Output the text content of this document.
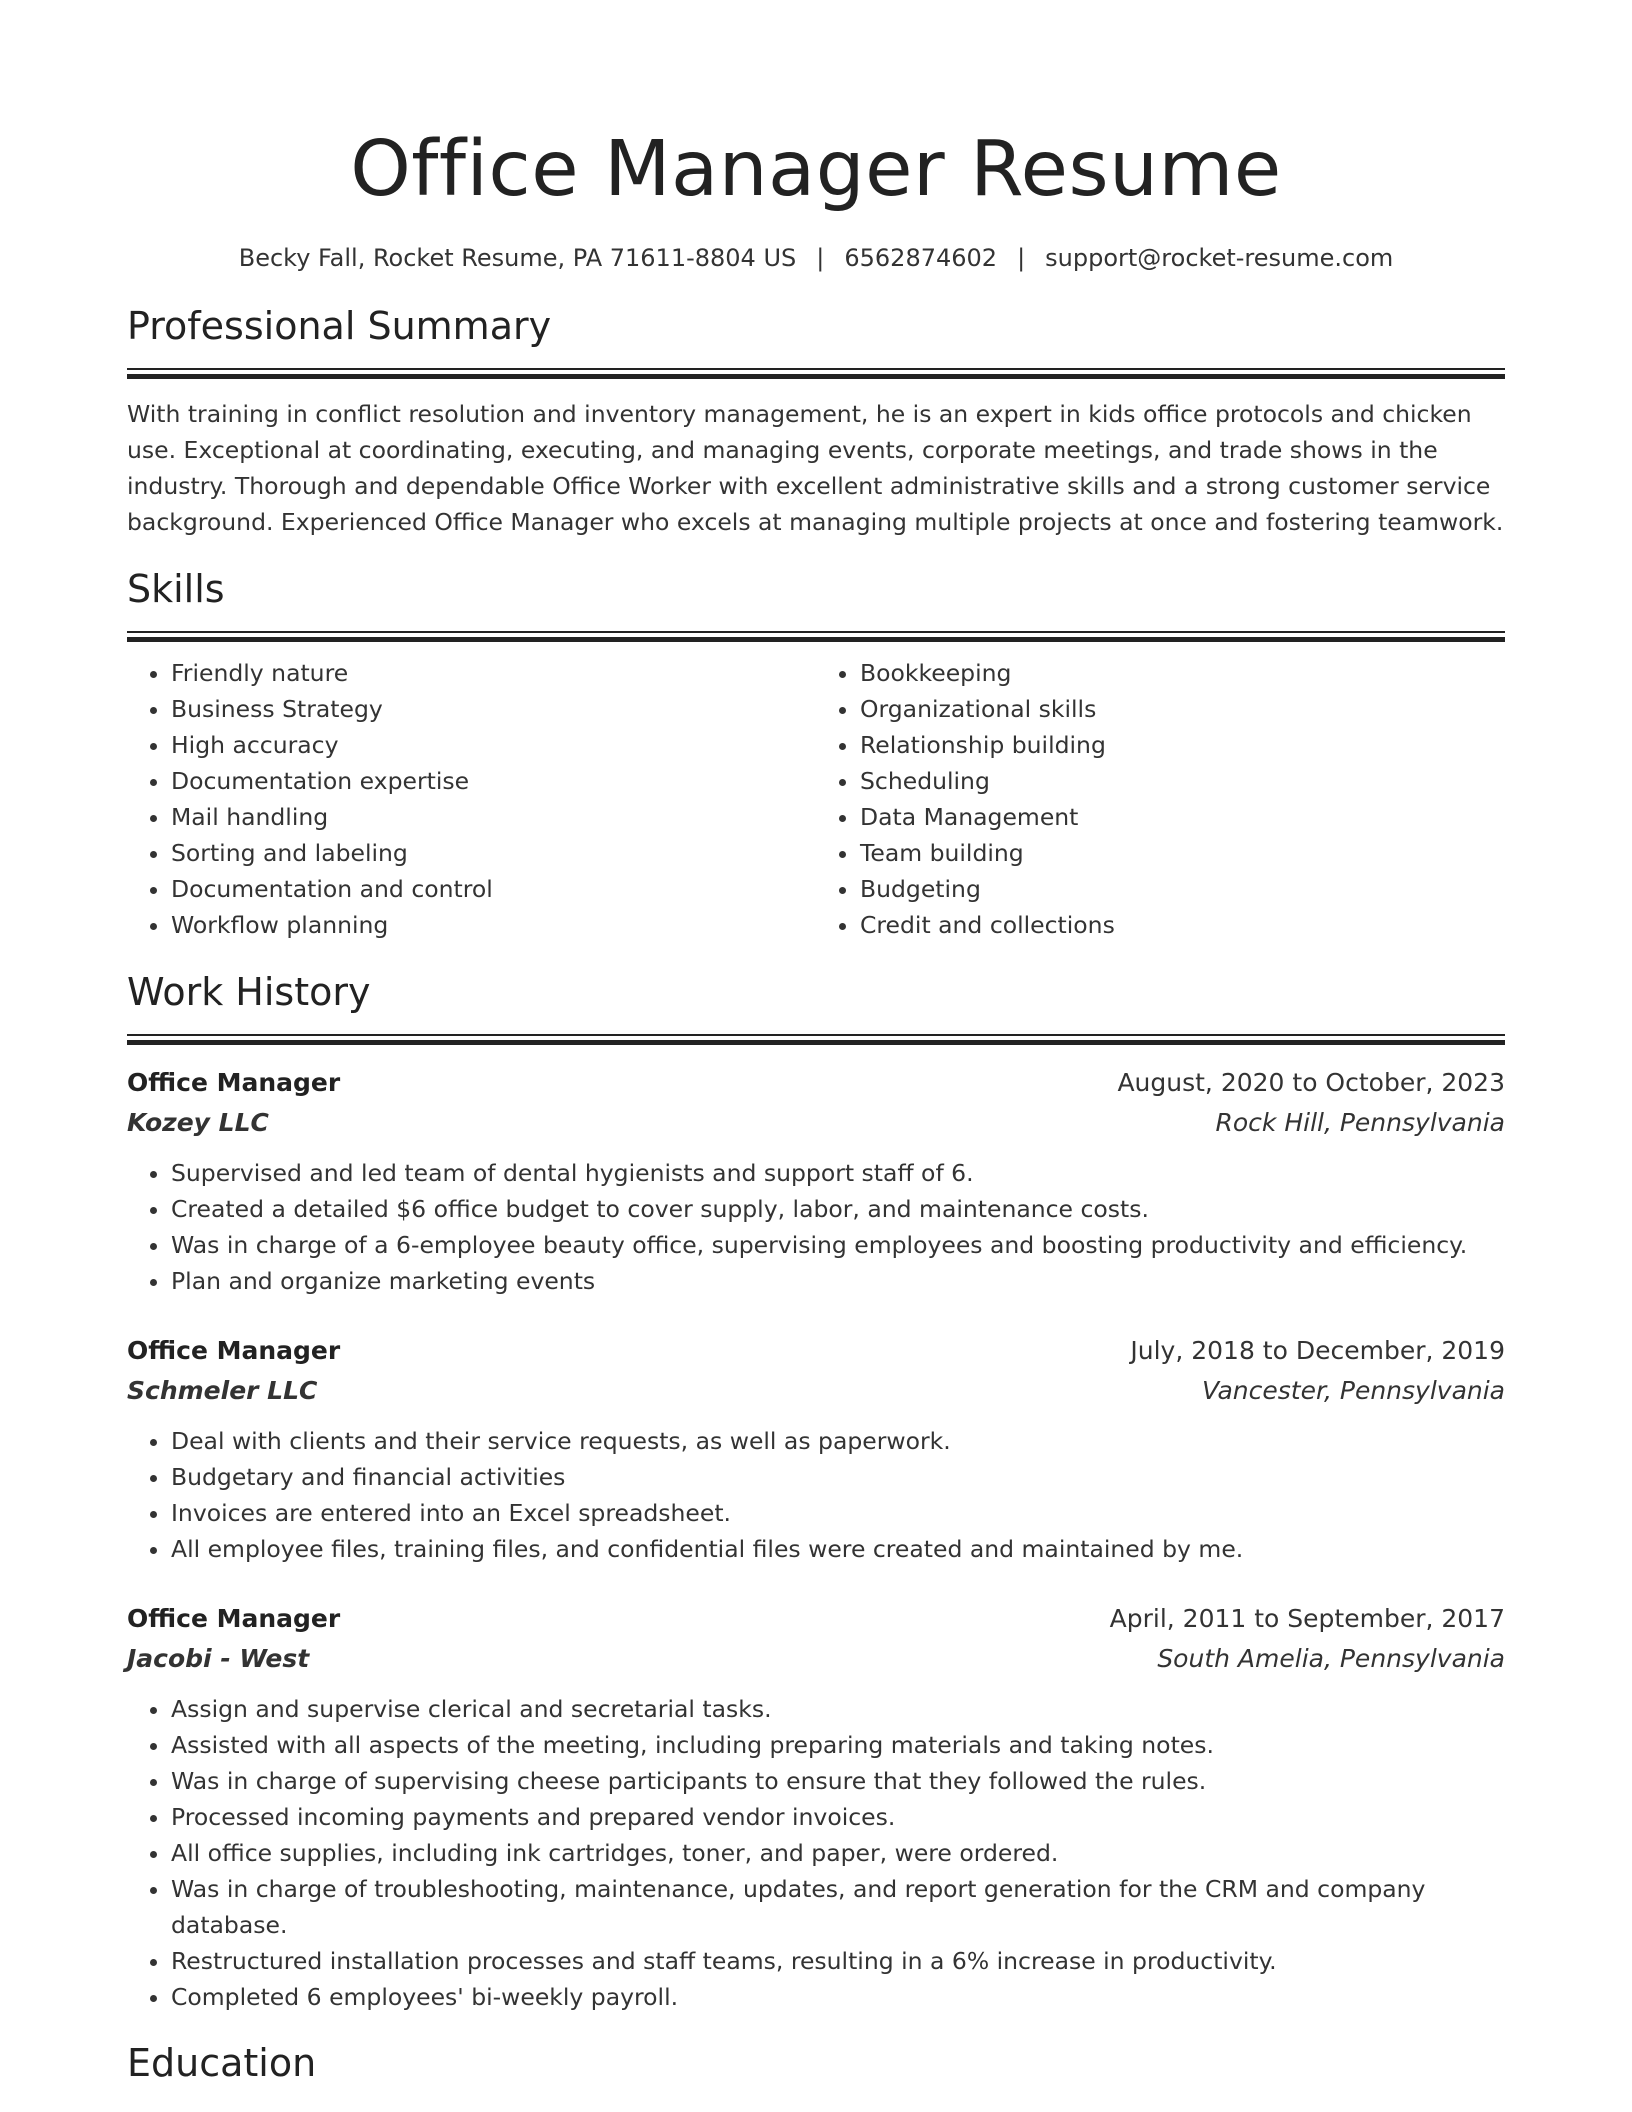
Office Manager Resume
Becky Fall, Rocket Resume, PA 71611-8804 US | 6562874602 | support@rocket-resume.com
Professional Summary

With training in conflict resolution and inventory management, he is an expert in kids office protocols and chicken use. Exceptional at coordinating, executing, and managing events, corporate meetings, and trade shows in the industry. Thorough and dependable Office Worker with excellent administrative skills and a strong customer service background. Experienced Office Manager who excels at managing multiple projects at once and fostering teamwork.

Skills
• Friendly nature
• Business Strategy
• High accuracy
• Documentation expertise
• Mail handling
• Sorting and labeling
• Documentation and control
• Workflow planning
• Bookkeeping
• Organizational skills
• Relationship building
• Scheduling
• Data Management
• Team building
• Budgeting
• Credit and collections
Work History
Office Manager	August, 2020 to October, 2023
Kozey LLC	Rock Hill, Pennsylvania
• Supervised and led team of dental hygienists and support staff of 6.
• Created a detailed $6 office budget to cover supply, labor, and maintenance costs.
• Was in charge of a 6-employee beauty office, supervising employees and boosting productivity and efficiency.
• Plan and organize marketing events
Office Manager	July, 2018 to December, 2019
Schmeler LLC	Vancester, Pennsylvania
• Deal with clients and their service requests, as well as paperwork.
• Budgetary and financial activities
• Invoices are entered into an Excel spreadsheet.
• All employee files, training files, and confidential files were created and maintained by me.
Office Manager	April, 2011 to September, 2017
Jacobi - West	South Amelia, Pennsylvania
• Assign and supervise clerical and secretarial tasks.
• Assisted with all aspects of the meeting, including preparing materials and taking notes.
• Was in charge of supervising cheese participants to ensure that they followed the rules.
• Processed incoming payments and prepared vendor invoices.
• All office supplies, including ink cartridges, toner, and paper, were ordered.
• Was in charge of troubleshooting, maintenance, updates, and report generation for the CRM and company database.
• Restructured installation processes and staff teams, resulting in a 6% increase in productivity.
• Completed 6 employees' bi-weekly payroll.
Education
